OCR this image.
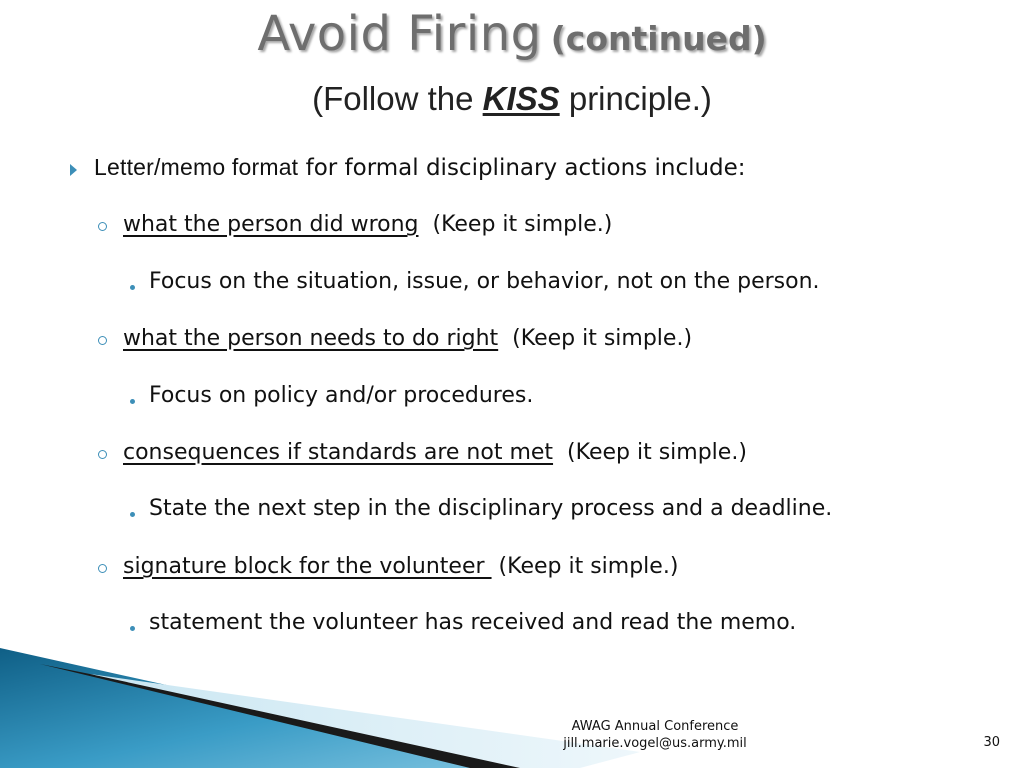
Avoid Firing (continued)
(Follow the KISS principle.)
Letter/memo format for formal disciplinary actions include:
what the person did wrong  (Keep it simple.)
Focus on the situation, issue, or behavior, not on the person.
what the person needs to do right  (Keep it simple.)
Focus on policy and/or procedures.
consequences if standards are not met  (Keep it simple.)
State the next step in the disciplinary process and a deadline.
signature block for the volunteer  (Keep it simple.)
statement the volunteer has received and read the memo.
AWAG Annual Conference
jill.marie.vogel@us.army.mil	30
